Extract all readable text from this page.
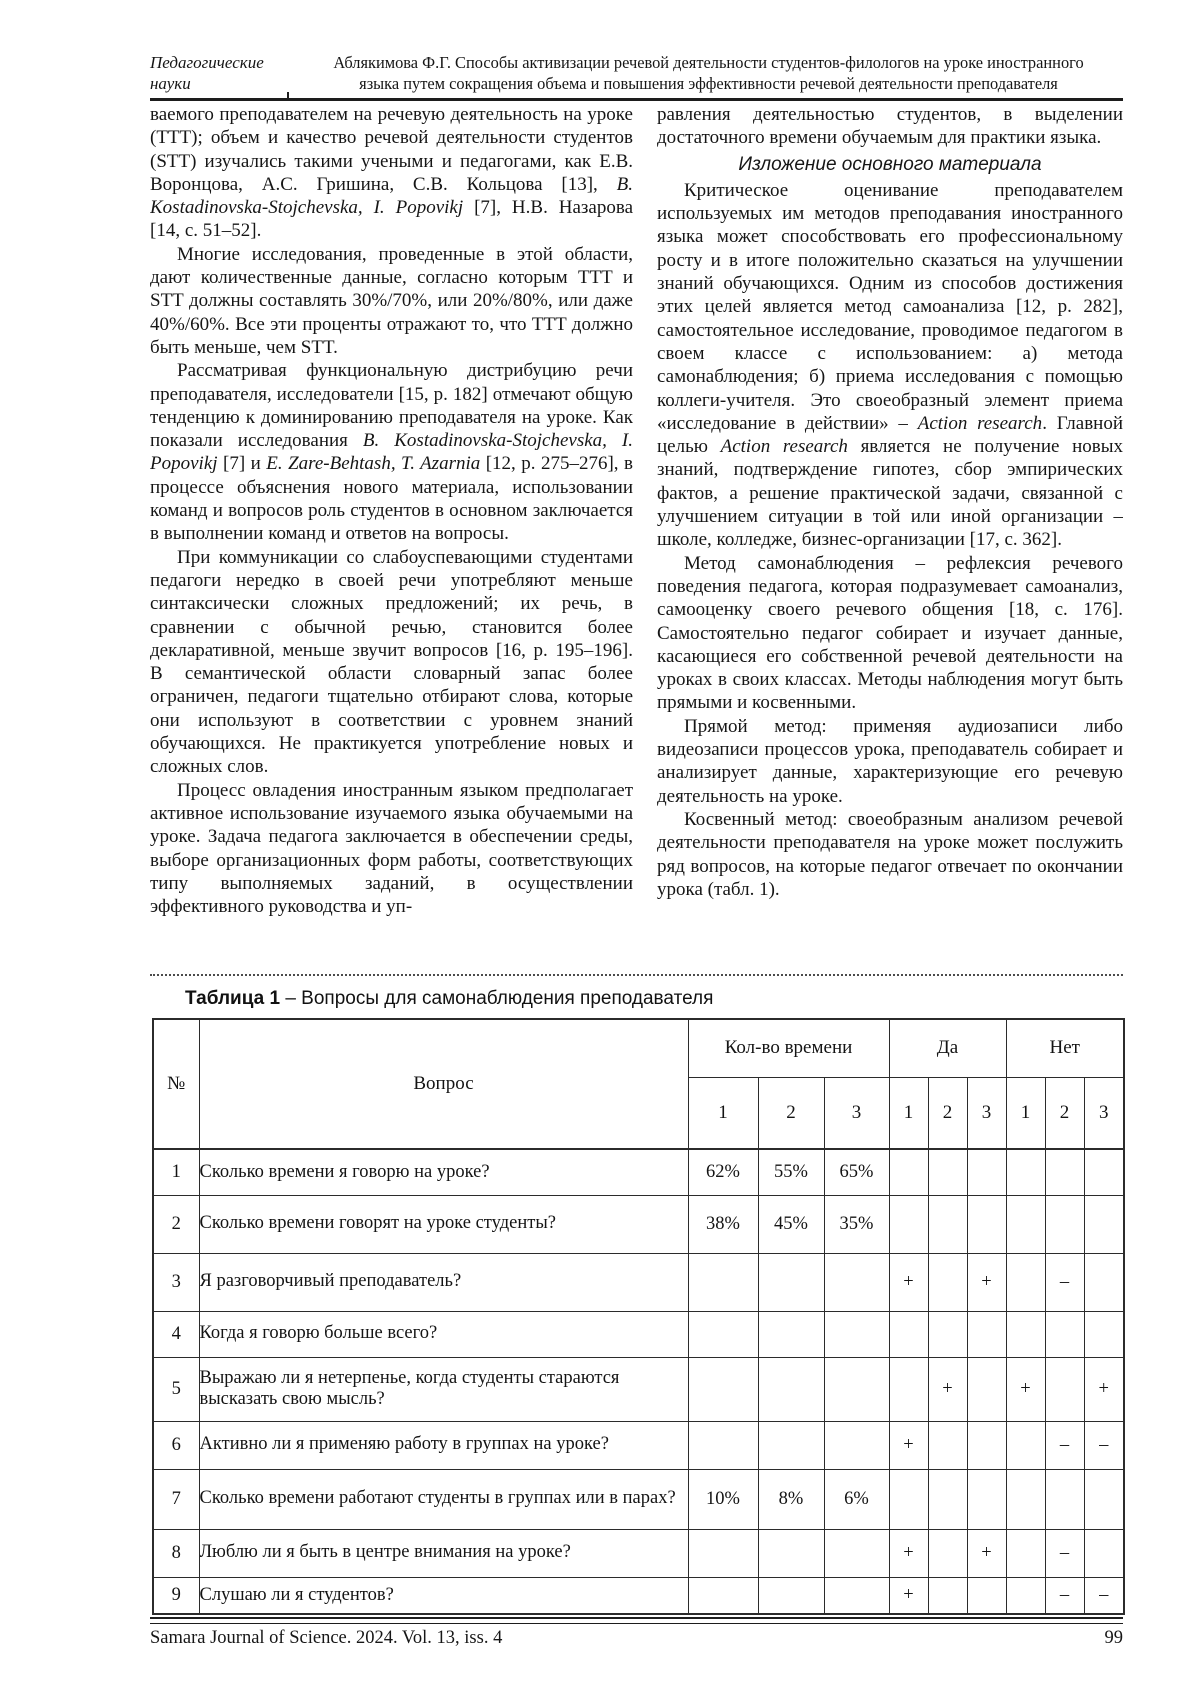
Педагогические
науки
Аблякимова Ф.Г. Способы активизации речевой деятельности студентов-филологов на уроке иностранного
языка путем сокращения объема и повышения эффективности речевой деятельности преподавателя

ваемого преподавателем на речевую деятельность на уроке (TTT); объем и качество речевой деятельности студентов (STT) изучались такими учеными и педагогами, как Е.В. Воронцова, А.С. Гришина, С.В. Кольцова [13], B. Kostadinovska-Stojchevska, I. Popovikj [7], Н.В. Назарова [14, с. 51–52].

Многие исследования, проведенные в этой области, дают количественные данные, согласно которым TTT и STT должны составлять 30%/70%, или 20%/80%, или даже 40%/60%. Все эти проценты отражают то, что TTT должно быть меньше, чем STT.

Рассматривая функциональную дистрибуцию речи преподавателя, исследователи [15, p. 182] отмечают общую тенденцию к доминированию преподавателя на уроке. Как показали исследования B. Kostadinovska-Stojchevska, I. Popovikj [7] и E. Zare-Behtash, T. Azarnia [12, p. 275–276], в процессе объяснения нового материала, использовании команд и вопросов роль студентов в основном заключается в выполнении команд и ответов на вопросы.

При коммуникации со слабоуспевающими студентами педагоги нередко в своей речи употребляют меньше синтаксически сложных предложений; их речь, в сравнении с обычной речью, становится более декларативной, меньше звучит вопросов [16, p. 195–196]. В семантической области словарный запас более ограничен, педагоги тщательно отбирают слова, которые они используют в соответствии с уровнем знаний обучающихся. Не практикуется употребление новых и сложных слов.

Процесс овладения иностранным языком предполагает активное использование изучаемого языка обучаемыми на уроке. Задача педагога заключается в обеспечении среды, выборе организационных форм работы, соответствующих типу выполняемых заданий, в осуществлении эффективного руководства и уп-

равления деятельностью студентов, в выделении достаточного времени обучаемым для практики языка.

Изложение основного материала

Критическое оценивание преподавателем используемых им методов преподавания иностранного языка может способствовать его профессиональному росту и в итоге положительно сказаться на улучшении знаний обучающихся. Одним из способов достижения этих целей является метод самоанализа [12, p. 282], самостоятельное исследование, проводимое педагогом в своем классе с использованием: а) метода самонаблюдения; б) приема исследования с помощью коллеги-учителя. Это своеобразный элемент приема «исследование в действии» – Action research. Главной целью Action research является не получение новых знаний, подтверждение гипотез, сбор эмпирических фактов, а решение практической задачи, связанной с улучшением ситуации в той или иной организации – школе, колледже, бизнес-организации [17, с. 362].

Метод самонаблюдения – рефлексия речевого поведения педагога, которая подразумевает самоанализ, самооценку своего речевого общения [18, с. 176]. Самостоятельно педагог собирает и изучает данные, касающиеся его собственной речевой деятельности на уроках в своих классах. Методы наблюдения могут быть прямыми и косвенными.

Прямой метод: применяя аудиозаписи либо видеозаписи процессов урока, преподаватель собирает и анализирует данные, характеризующие его речевую деятельность на уроке.

Косвенный метод: своеобразным анализом речевой деятельности преподавателя на уроке может послужить ряд вопросов, на которые педагог отвечает по окончании урока (табл. 1).

Таблица 1 – Вопросы для самонаблюдения преподавателя
№	Вопрос	Кол-во времени			Да			Нет		
		1	2	3	1	2	3	1	2	3
1	Сколько времени я говорю на уроке?	62%	55%	65%						
2	Сколько времени говорят на уроке студенты?	38%	45%	35%						
3	Я разговорчивый преподаватель?				+		+		–	
4	Когда я говорю больше всего?									
5	Выражаю ли я нетерпенье, когда студенты стараются высказать свою мысль?					+		+		+
6	Активно ли я применяю работу в группах на уроке?				+				–	–
7	Сколько времени работают студенты в группах или в парах?	10%	8%	6%						
8	Люблю ли я быть в центре внимания на уроке?				+		+		–	
9	Слушаю ли я студентов?				+				–	–
Samara Journal of Science. 2024. Vol. 13, iss. 4	99
